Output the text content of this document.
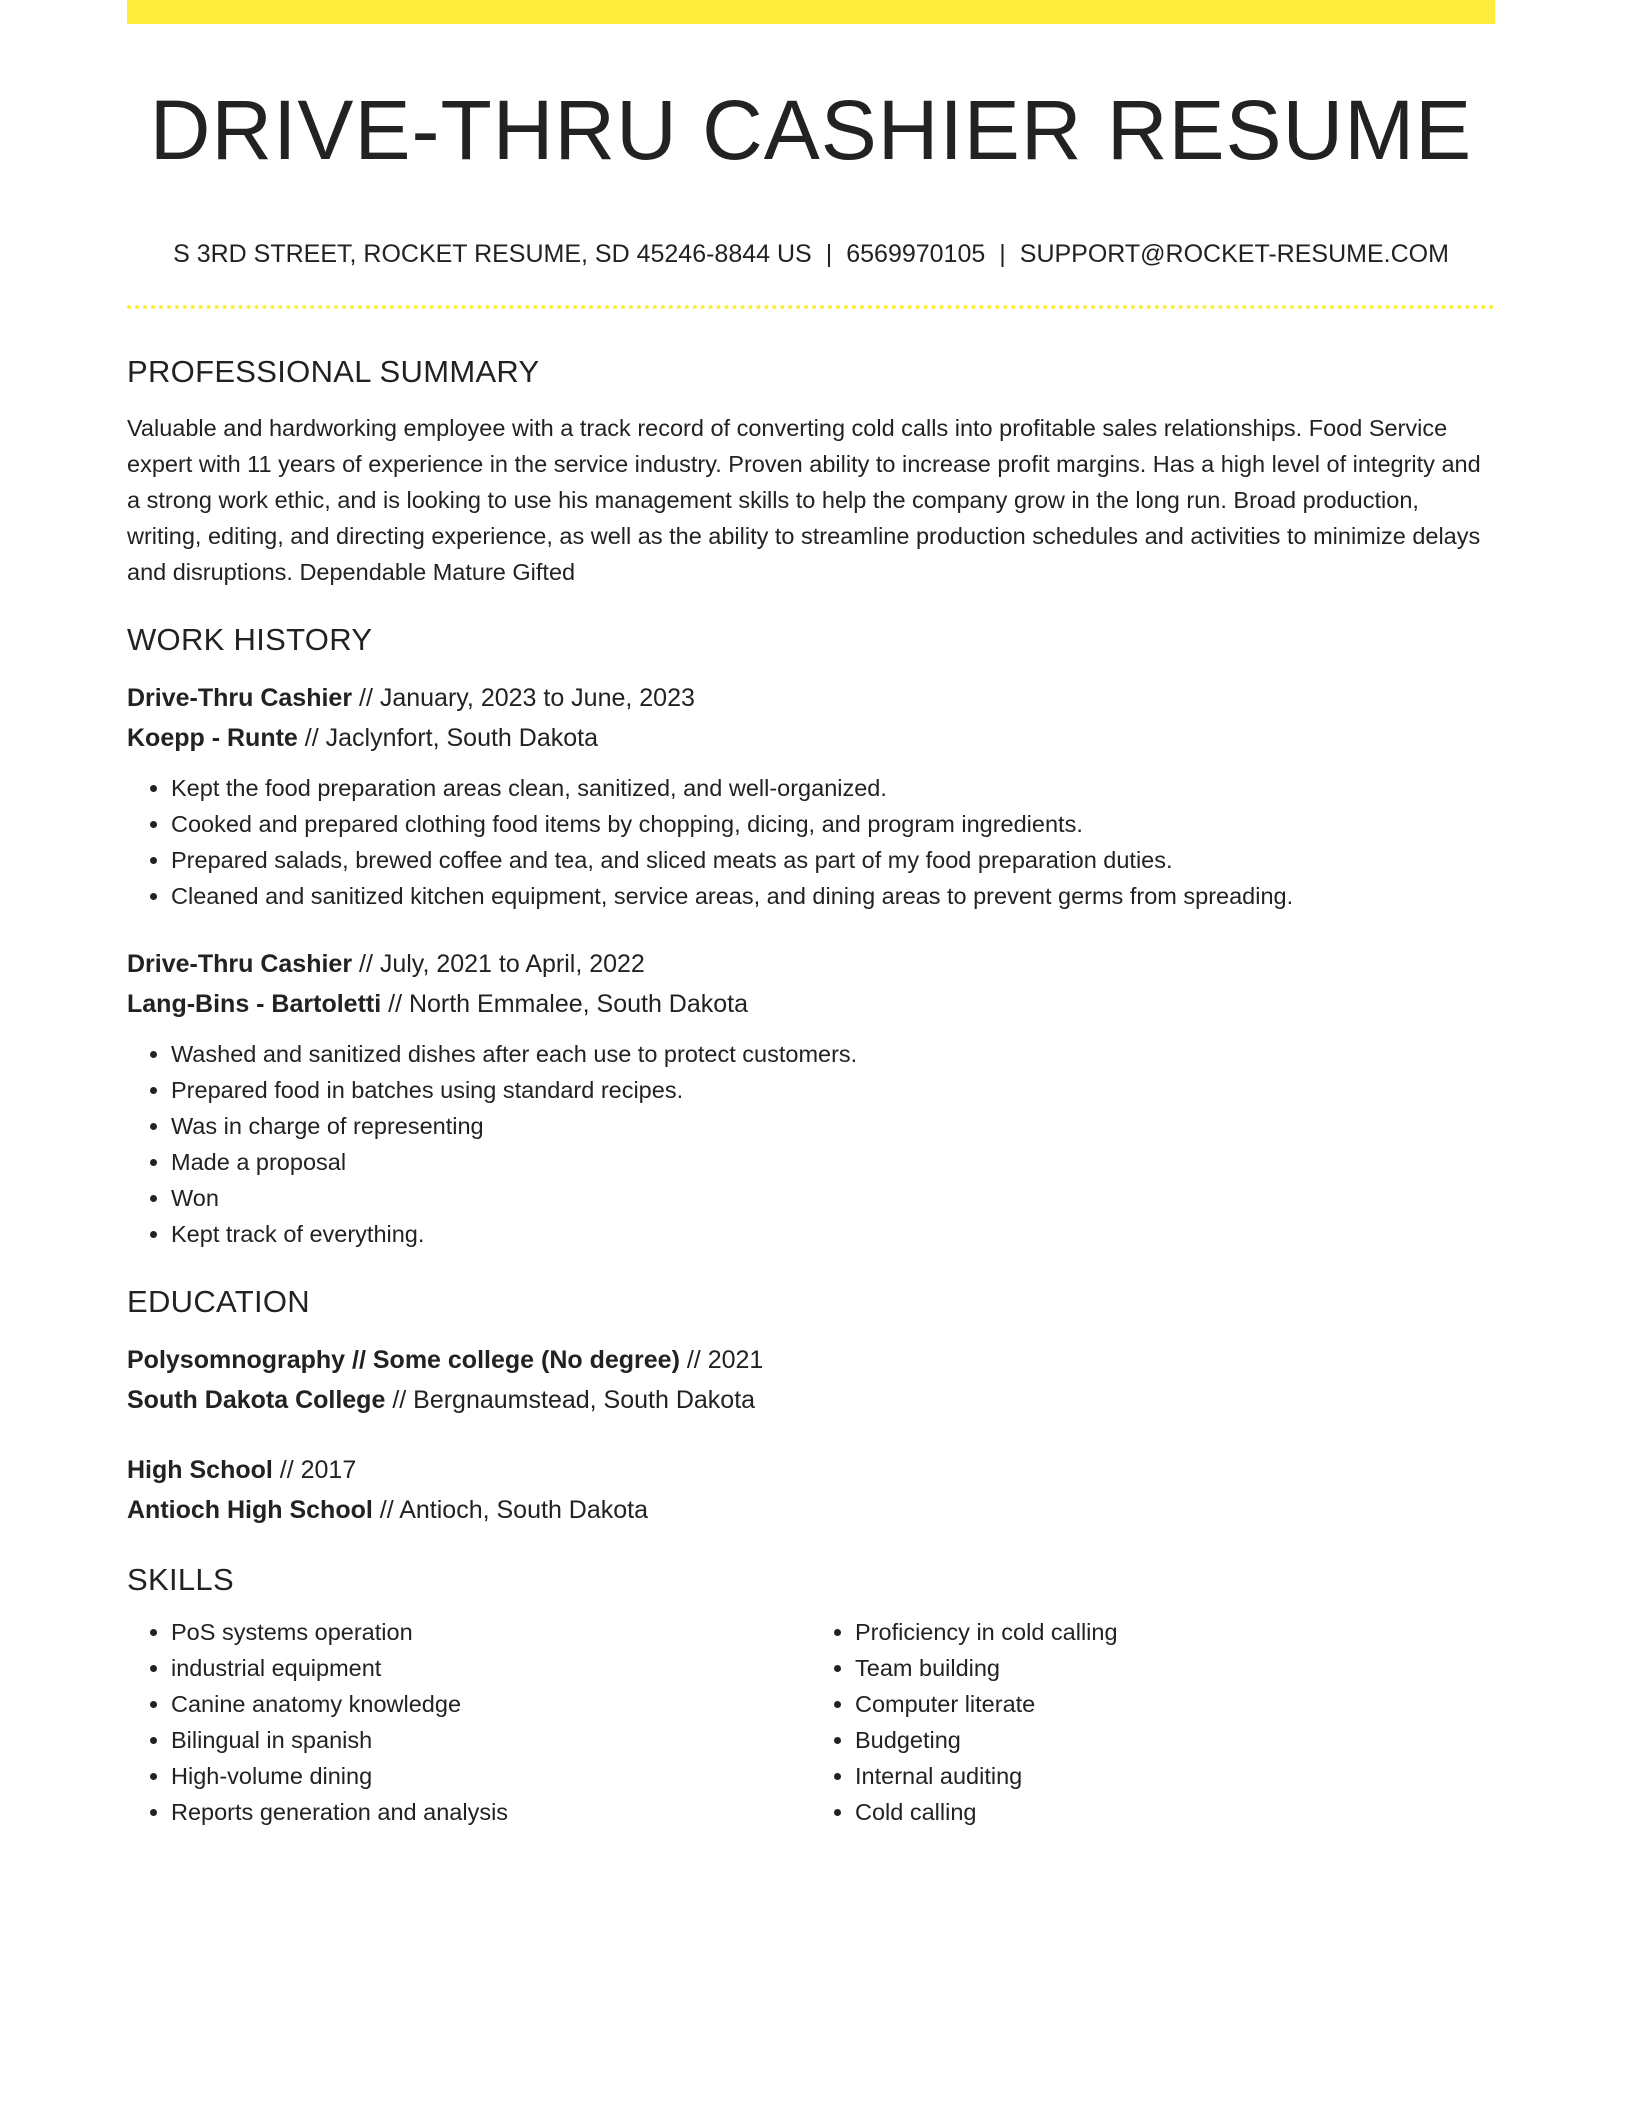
DRIVE-THRU CASHIER RESUME
S 3RD STREET, ROCKET RESUME, SD 45246-8844 US | 6569970105 | SUPPORT@ROCKET-RESUME.COM
PROFESSIONAL SUMMARY

Valuable and hardworking employee with a track record of converting cold calls into profitable sales relationships. Food Service expert with 11 years of experience in the service industry. Proven ability to increase profit margins. Has a high level of integrity and a strong work ethic, and is looking to use his management skills to help the company grow in the long run. Broad production, writing, editing, and directing experience, as well as the ability to streamline production schedules and activities to minimize delays and disruptions. Dependable Mature Gifted

WORK HISTORY
Drive-Thru Cashier // January, 2023 to June, 2023
Koepp - Runte // Jaclynfort, South Dakota
• Kept the food preparation areas clean, sanitized, and well-organized.
• Cooked and prepared clothing food items by chopping, dicing, and program ingredients.
• Prepared salads, brewed coffee and tea, and sliced meats as part of my food preparation duties.
• Cleaned and sanitized kitchen equipment, service areas, and dining areas to prevent germs from spreading.
Drive-Thru Cashier // July, 2021 to April, 2022
Lang-Bins - Bartoletti // North Emmalee, South Dakota
• Washed and sanitized dishes after each use to protect customers.
• Prepared food in batches using standard recipes.
• Was in charge of representing
• Made a proposal
• Won
• Kept track of everything.
EDUCATION
Polysomnography // Some college (No degree) // 2021
South Dakota College // Bergnaumstead, South Dakota
High School // 2017
Antioch High School // Antioch, South Dakota
SKILLS
• PoS systems operation
• industrial equipment
• Canine anatomy knowledge
• Bilingual in spanish
• High-volume dining
• Reports generation and analysis
• Proficiency in cold calling
• Team building
• Computer literate
• Budgeting
• Internal auditing
• Cold calling
